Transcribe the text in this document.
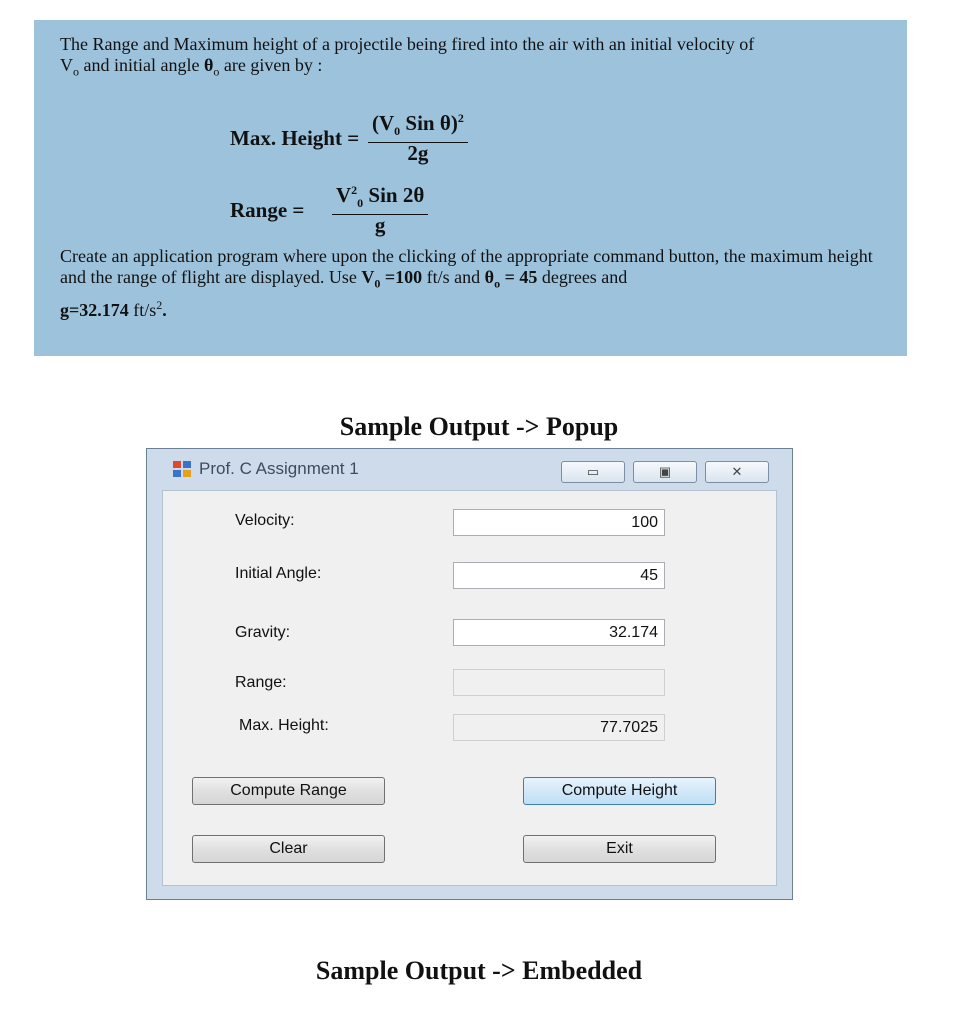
The Range and Maximum height of a projectile being fired into the air with an initial velocity of
$V_o$ and initial angle $\theta_o$ are given by :

Max. Height =
($V_0$ Sin θ)$^2$
2g
Range =
$V^2_0$ Sin 2θ
g

Create an application program where upon the clicking of the appropriate command button, the maximum height and the range of flight are displayed. Use $V_0 =100$ ft/s and $\theta_o = 45$ degrees and
g=32.174 $ft/s^2$.

Sample Output -> Popup
Prof. C Assignment 1	▭	▣	✕
Velocity:	100
Initial Angle:	45
Gravity:	32.174
Range:
Max. Height:	77.7025
Compute Range	Compute Height
Clear	Exit
Sample Output -> Embedded
